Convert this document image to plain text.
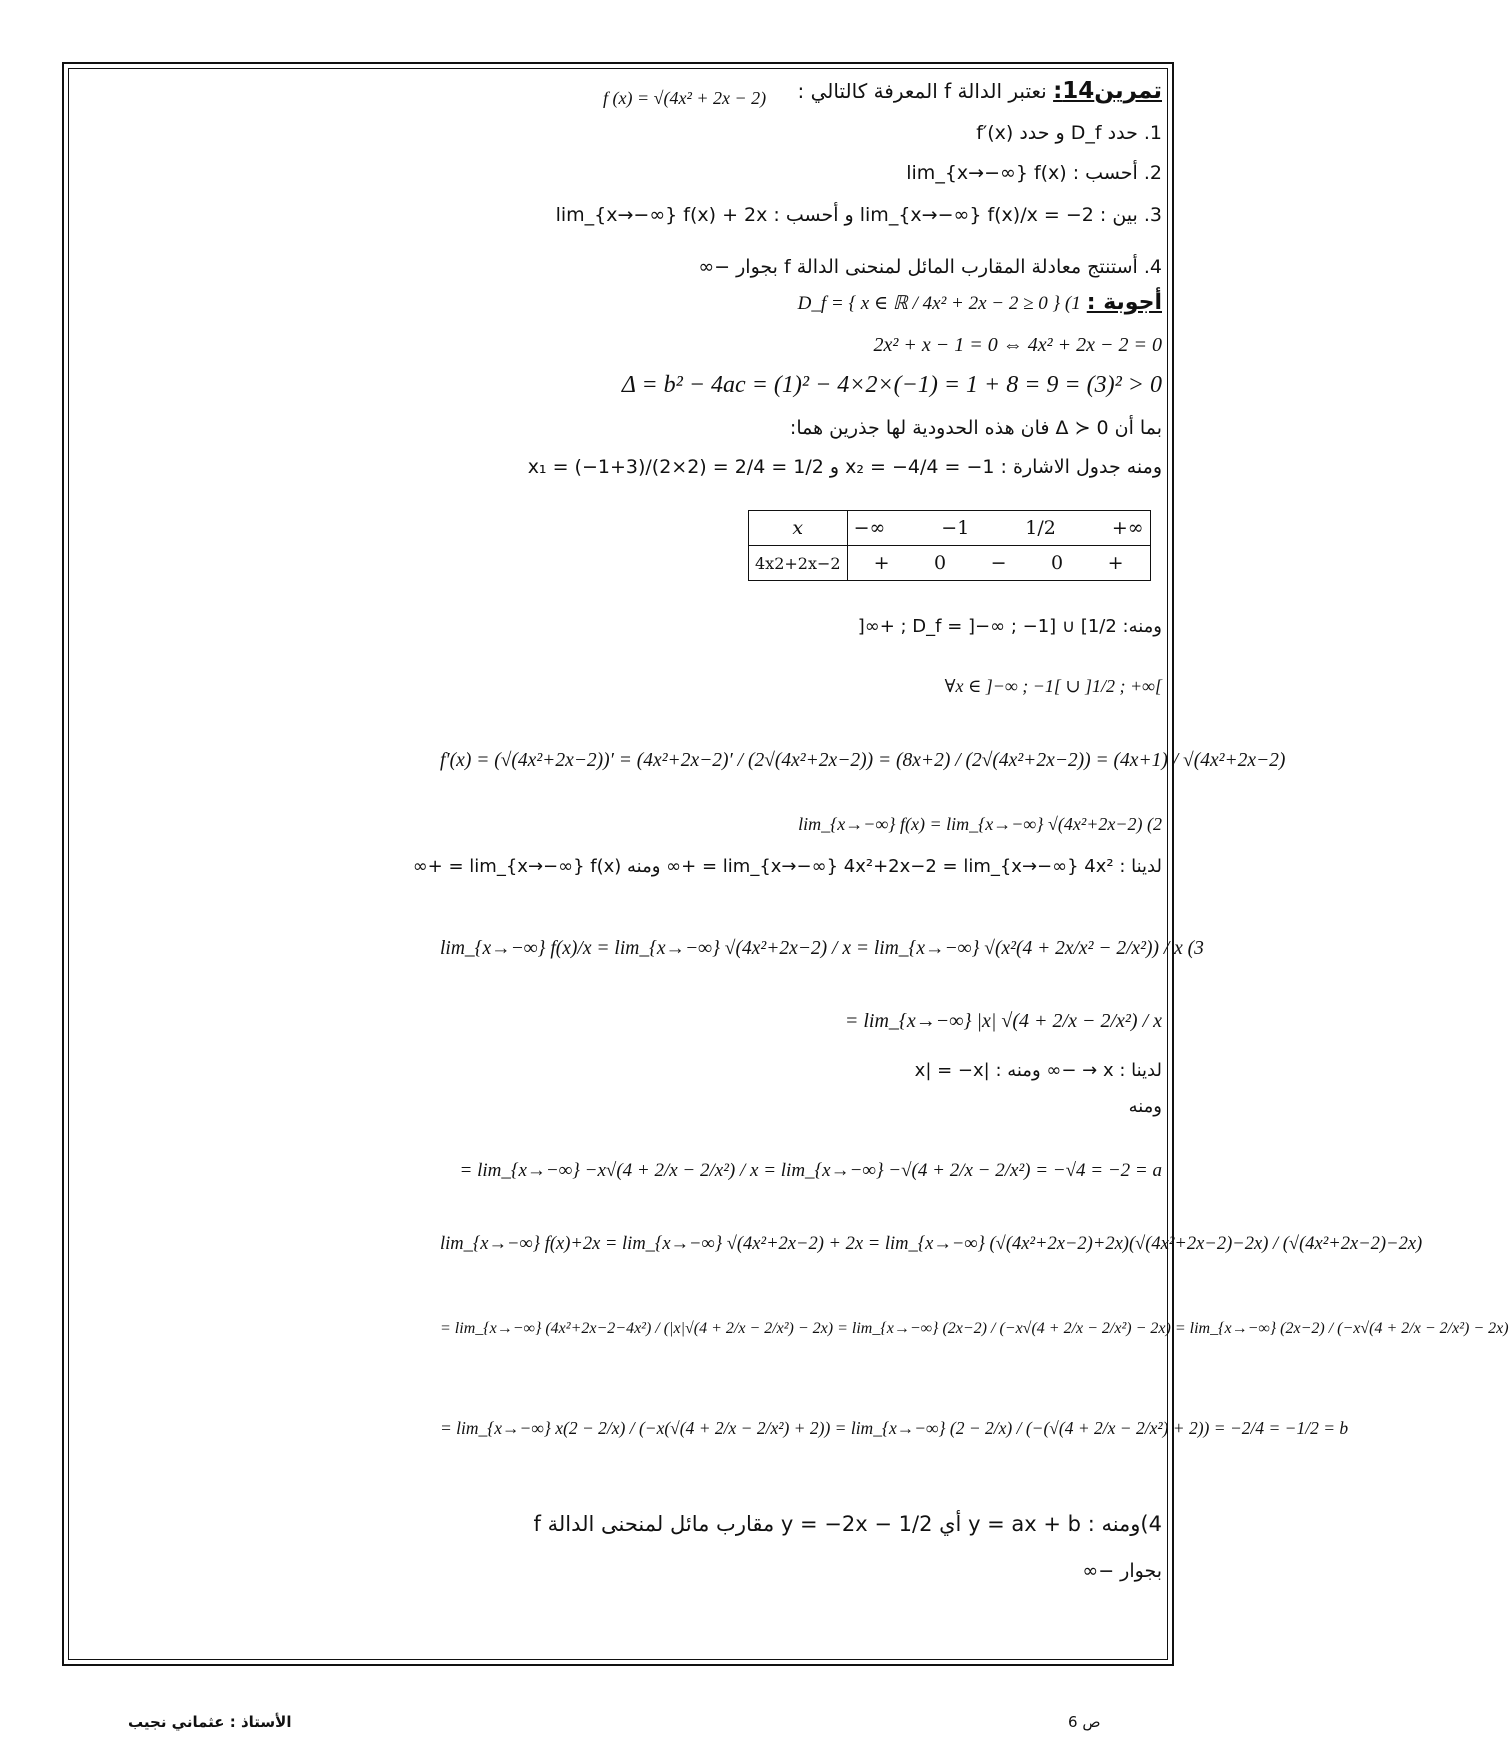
تمرين14: نعتبر الدالة f المعرفة كالتالي :
f (x) = √(4x² + 2x − 2)
1. حدد D_f و حدد f′(x)
2. أحسب : lim_{x→−∞} f(x)
3. بين : lim_{x→−∞} f(x)/x = −2 و أحسب : lim_{x→−∞} f(x) + 2x
4. أستنتج معادلة المقارب المائل لمنحنى الدالة f بجوار −∞
أجوبة : D_f = { x ∈ ℝ / 4x² + 2x − 2 ≥ 0 } (1
2x² + x − 1 = 0 ⇔ 4x² + 2x − 2 = 0
Δ = b² − 4ac = (1)² − 4×2×(−1) = 1 + 8 = 9 = (3)² > 0
بما أن Δ ≻ 0 فان هذه الحدودية لها جذرين هما:
ومنه جدول الاشارة : x₂ = −4/4 = −1 و x₁ = (−1+3)/(2×2) = 2/4 = 1/2
x	−∞ −1 1/2 +∞

4x2+2x−2	+ 0 − 0 +
ومنه: D_f = ]−∞ ; −1] ∪ [1/2 ; +∞[
∀x ∈ ]−∞ ; −1[ ∪ ]1/2 ; +∞[
f′(x) = (√(4x²+2x−2))′ = (4x²+2x−2)′ / (2√(4x²+2x−2)) = (8x+2) / (2√(4x²+2x−2)) = (4x+1) / √(4x²+2x−2)
lim_{x→−∞} f(x) = lim_{x→−∞} √(4x²+2x−2) (2
لدينا : lim_{x→−∞} 4x²+2x−2 = lim_{x→−∞} 4x² = +∞ ومنه lim_{x→−∞} f(x) = +∞
lim_{x→−∞} f(x)/x = lim_{x→−∞} √(4x²+2x−2) / x = lim_{x→−∞} √(x²(4 + 2x/x² − 2/x²)) / x (3
= lim_{x→−∞} |x| √(4 + 2/x − 2/x²) / x
لدينا : x → −∞ ومنه : |x| = −x
ومنه
= lim_{x→−∞} −x√(4 + 2/x − 2/x²) / x = lim_{x→−∞} −√(4 + 2/x − 2/x²) = −√4 = −2 = a
lim_{x→−∞} f(x)+2x = lim_{x→−∞} √(4x²+2x−2) + 2x = lim_{x→−∞} (√(4x²+2x−2)+2x)(√(4x²+2x−2)−2x) / (√(4x²+2x−2)−2x)
= lim_{x→−∞} (4x²+2x−2−4x²) / (|x|√(4 + 2/x − 2/x²) − 2x) = lim_{x→−∞} (2x−2) / (−x√(4 + 2/x − 2/x²) − 2x) = lim_{x→−∞} (2x−2) / (−x√(4 + 2/x − 2/x²) − 2x)
= lim_{x→−∞} x(2 − 2/x) / (−x(√(4 + 2/x − 2/x²) + 2)) = lim_{x→−∞} (2 − 2/x) / (−(√(4 + 2/x − 2/x²) + 2)) = −2/4 = −1/2 = b
4)ومنه : y = ax + b أي y = −2x − 1/2 مقارب مائل لمنحنى الدالة f
بجوار −∞
الأستاذ : عثماني نجيب	ص 6
